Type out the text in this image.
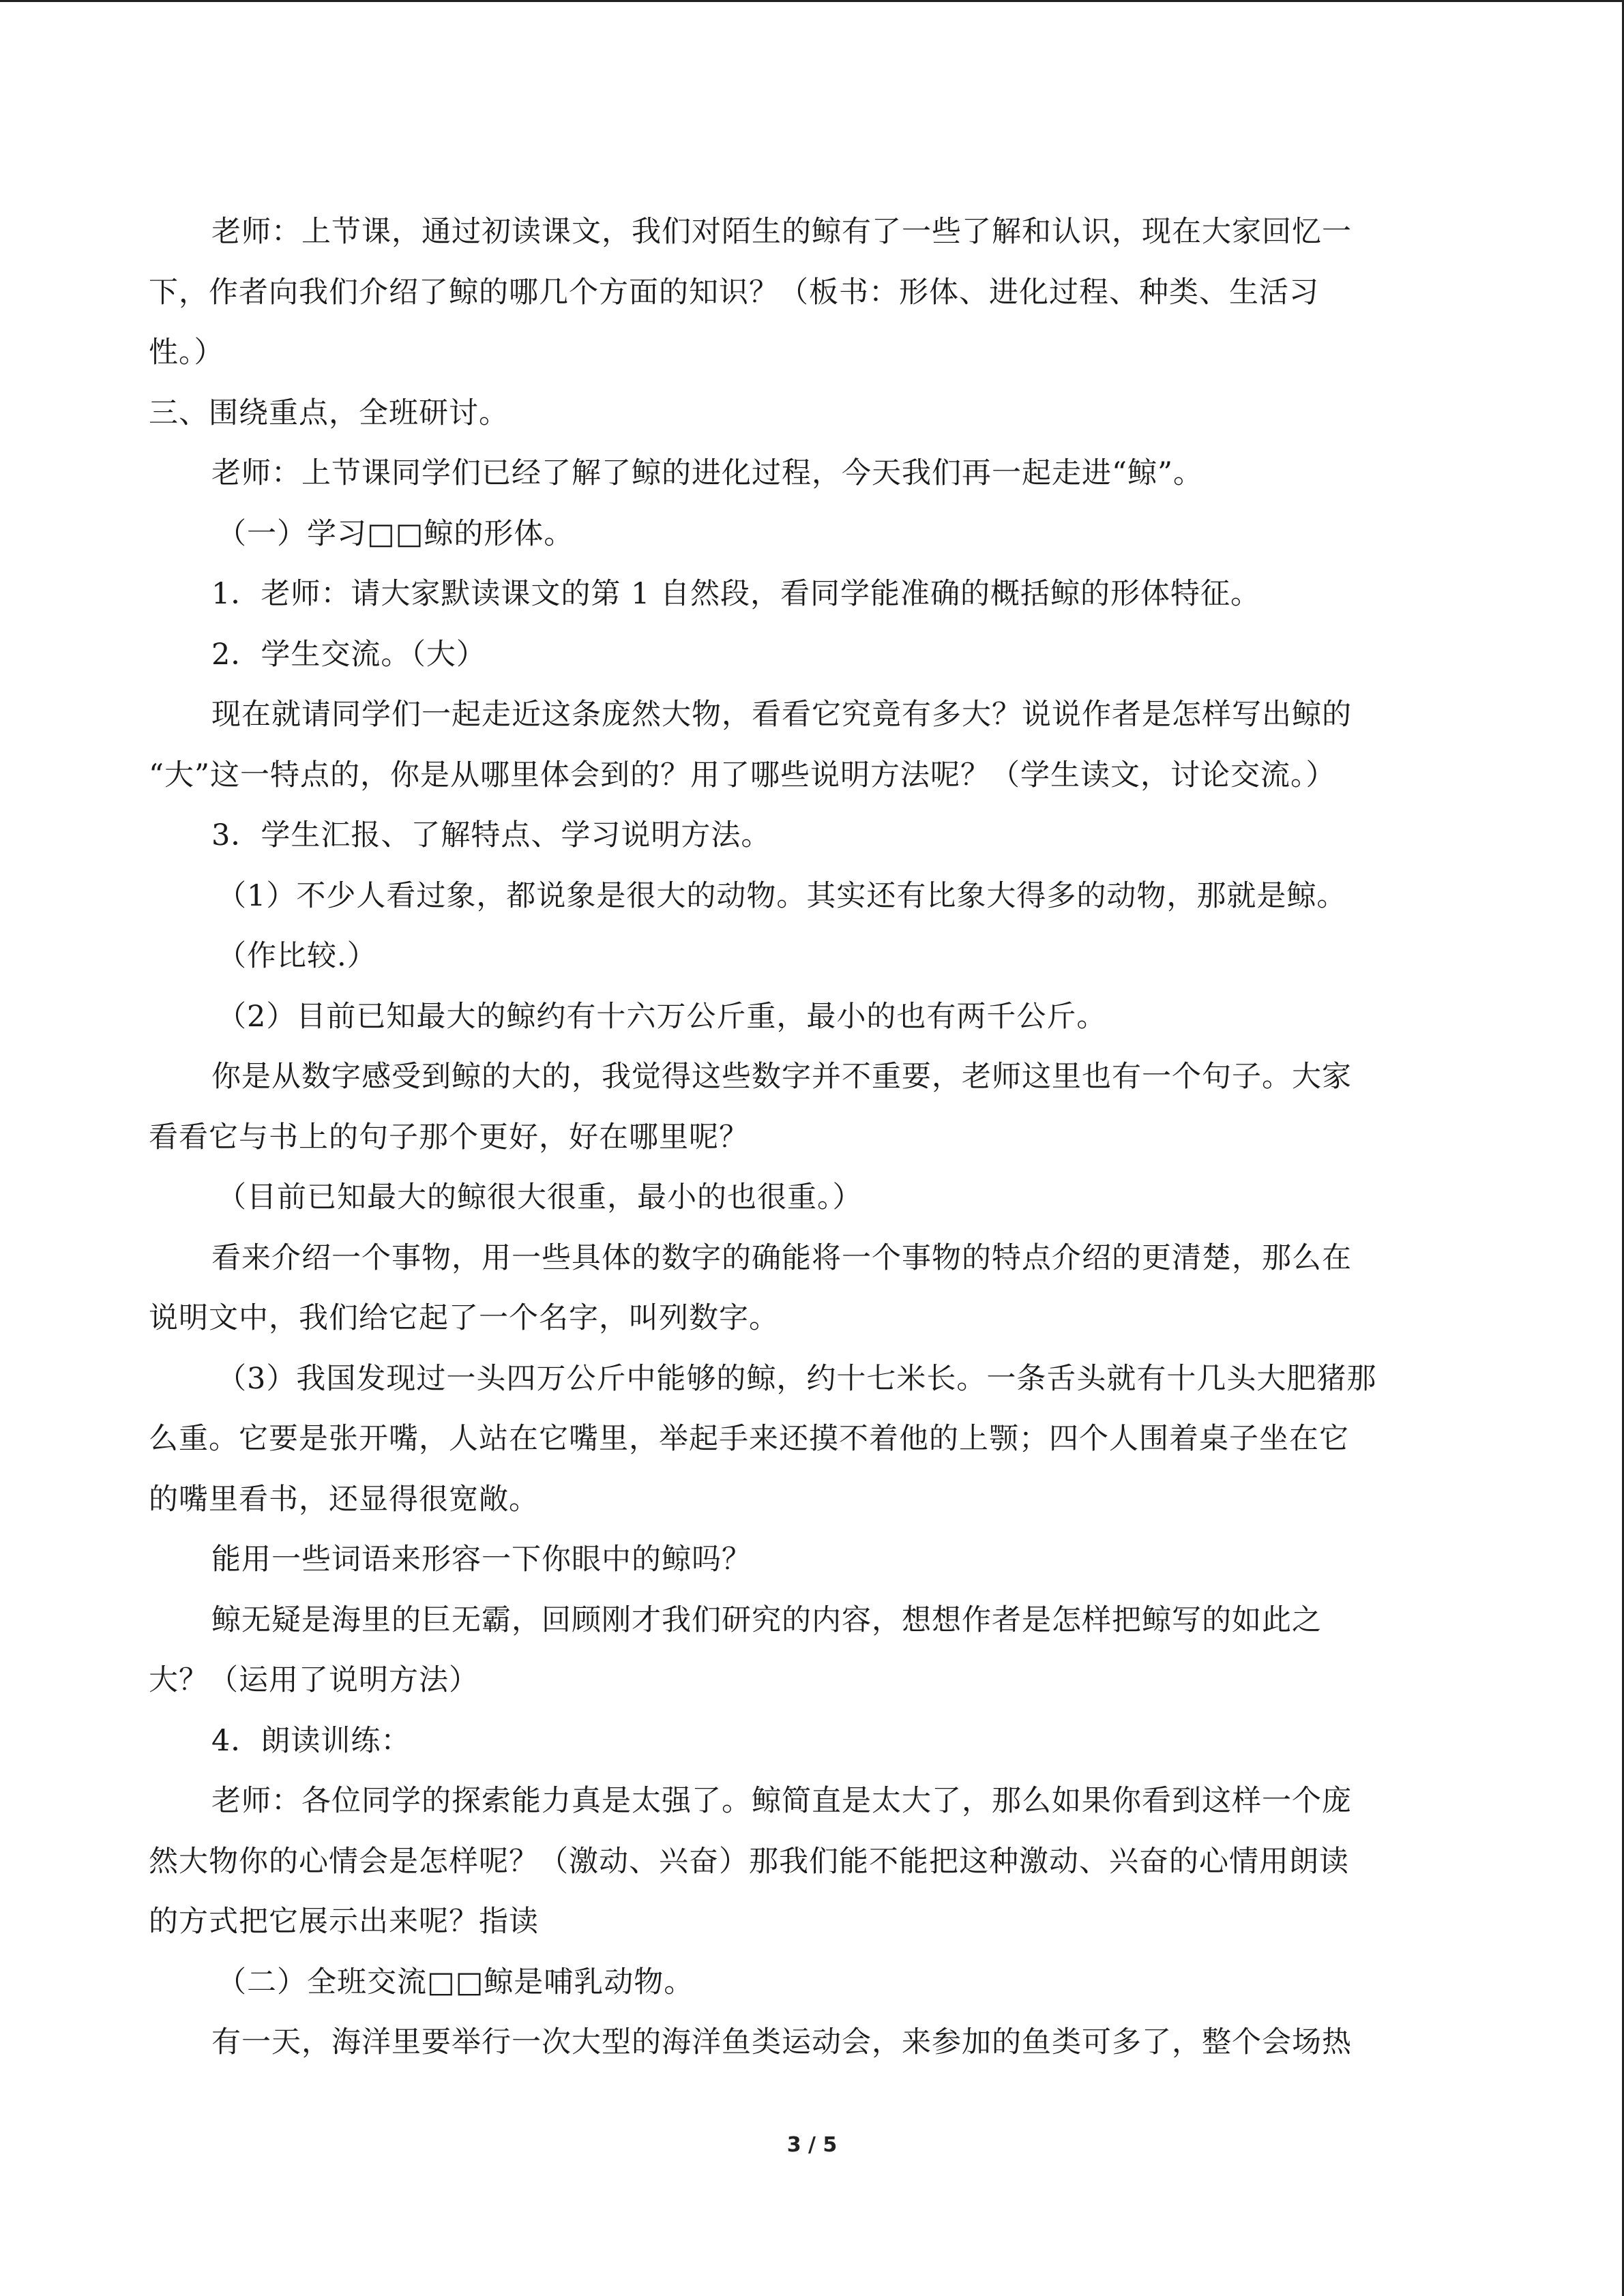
老师：上节课，通过初读课文，我们对陌生的鲸有了一些了解和认识，现在大家回忆一

下，作者向我们介绍了鲸的哪几个方面的知识？（板书：形体、进化过程、种类、生活习

性。）

三、围绕重点，全班研讨。

老师：上节课同学们已经了解了鲸的进化过程，今天我们再一起走进“鲸”。

（一）学习□□鲸的形体。

1．老师：请大家默读课文的第 1 自然段，看同学能准确的概括鲸的形体特征。

2．学生交流。（大）

现在就请同学们一起走近这条庞然大物，看看它究竟有多大？说说作者是怎样写出鲸的

“大”这一特点的，你是从哪里体会到的？用了哪些说明方法呢？（学生读文，讨论交流。）

3．学生汇报、了解特点、学习说明方法。

（1）不少人看过象，都说象是很大的动物。其实还有比象大得多的动物，那就是鲸。

（作比较.）

（2）目前已知最大的鲸约有十六万公斤重，最小的也有两千公斤。

你是从数字感受到鲸的大的，我觉得这些数字并不重要，老师这里也有一个句子。大家

看看它与书上的句子那个更好，好在哪里呢？

（目前已知最大的鲸很大很重，最小的也很重。）

看来介绍一个事物，用一些具体的数字的确能将一个事物的特点介绍的更清楚，那么在

说明文中，我们给它起了一个名字，叫列数字。

（3）我国发现过一头四万公斤中能够的鲸，约十七米长。一条舌头就有十几头大肥猪那

么重。它要是张开嘴，人站在它嘴里，举起手来还摸不着他的上颚；四个人围着桌子坐在它

的嘴里看书，还显得很宽敞。

能用一些词语来形容一下你眼中的鲸吗？

鲸无疑是海里的巨无霸，回顾刚才我们研究的内容，想想作者是怎样把鲸写的如此之

大？（运用了说明方法）

4．朗读训练：

老师：各位同学的探索能力真是太强了。鲸简直是太大了，那么如果你看到这样一个庞

然大物你的心情会是怎样呢？（激动、兴奋）那我们能不能把这种激动、兴奋的心情用朗读

的方式把它展示出来呢？指读

（二）全班交流□□鲸是哺乳动物。

有一天，海洋里要举行一次大型的海洋鱼类运动会，来参加的鱼类可多了，整个会场热

3 / 5
